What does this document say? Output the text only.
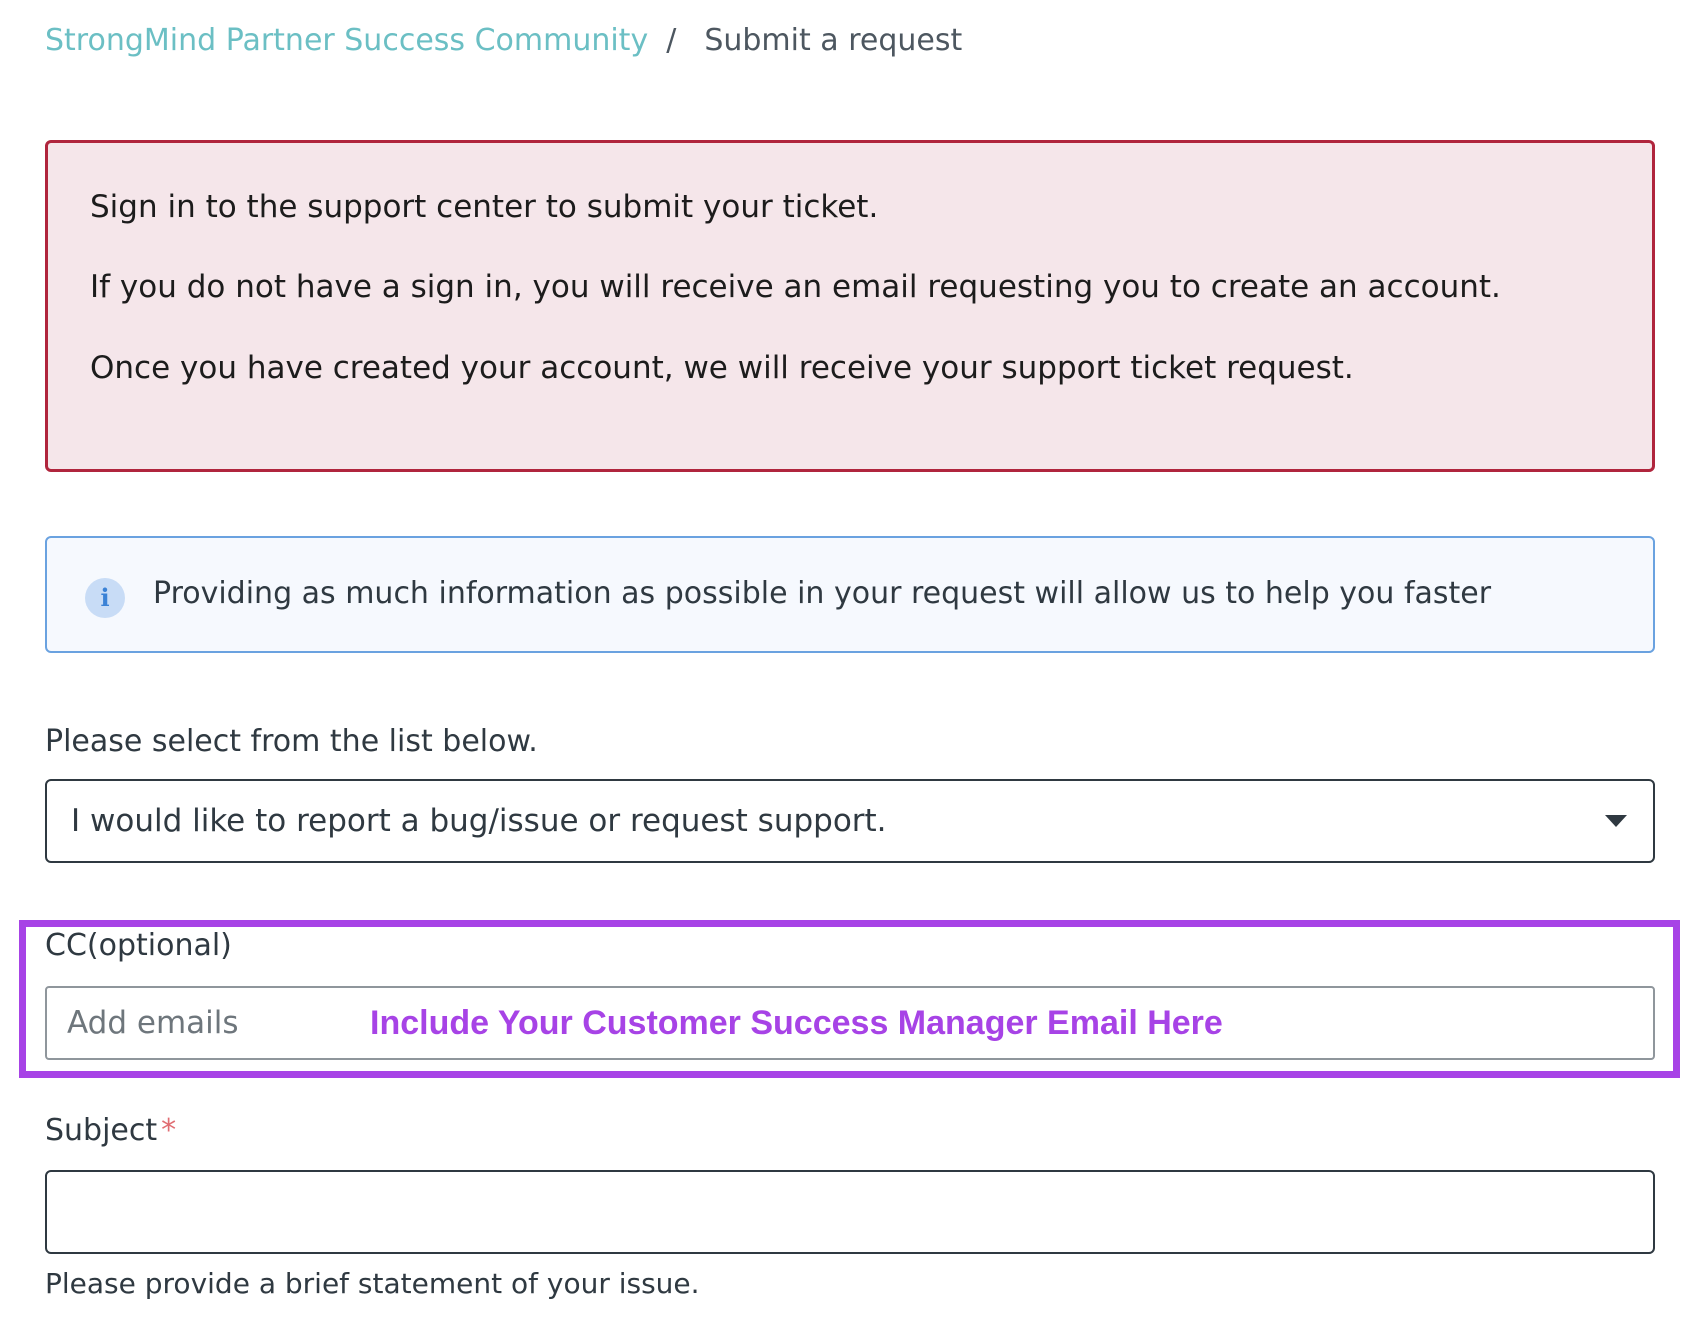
StrongMind Partner Success Community / Submit a request
Sign in to the support center to submit your ticket.
If you do not have a sign in, you will receive an email requesting you to create an account.
Once you have created your account, we will receive your support ticket request.
i	Providing as much information as possible in your request will allow us to help you faster
Please select from the list below.
I would like to report a bug/issue or request support.
CC(optional)
Add emails
Include Your Customer Success Manager Email Here
Subject *
Please provide a brief statement of your issue.
